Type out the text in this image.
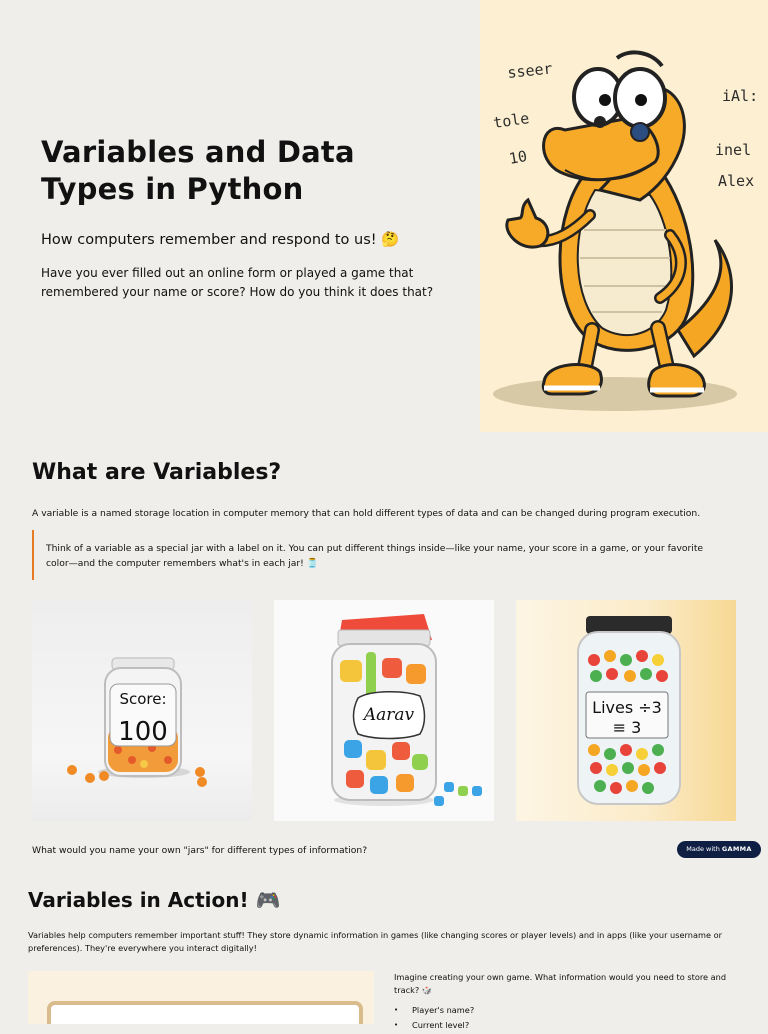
Variables and Data Types in Python
How computers remember and respond to us! 🤔

Have you ever filled out an online form or played a game that remembered your name or score? How do you think it does that?

sseer
tole
10
iAl:
inel
Alex
What are Variables?

A variable is a named storage location in computer memory that can hold different types of data and can be changed during program execution.

Think of a variable as a special jar with a label on it. You can put different things inside—like your name, your score in a game, or your favorite color—and the computer remembers what's in each jar! 🫙
Score:
100
Aarav	Lives ÷3
≡ 3

What would you name your own "jars" for different types of information?	Made with GAMMA
Variables in Action! 🎮

Variables help computers remember important stuff! They store dynamic information in games (like changing scores or player levels) and in apps (like your username or preferences). They're everywhere you interact digitally!

Imagine creating your own game. What information would you need to store and track? 🎲

• Player's name?
• Current level?
